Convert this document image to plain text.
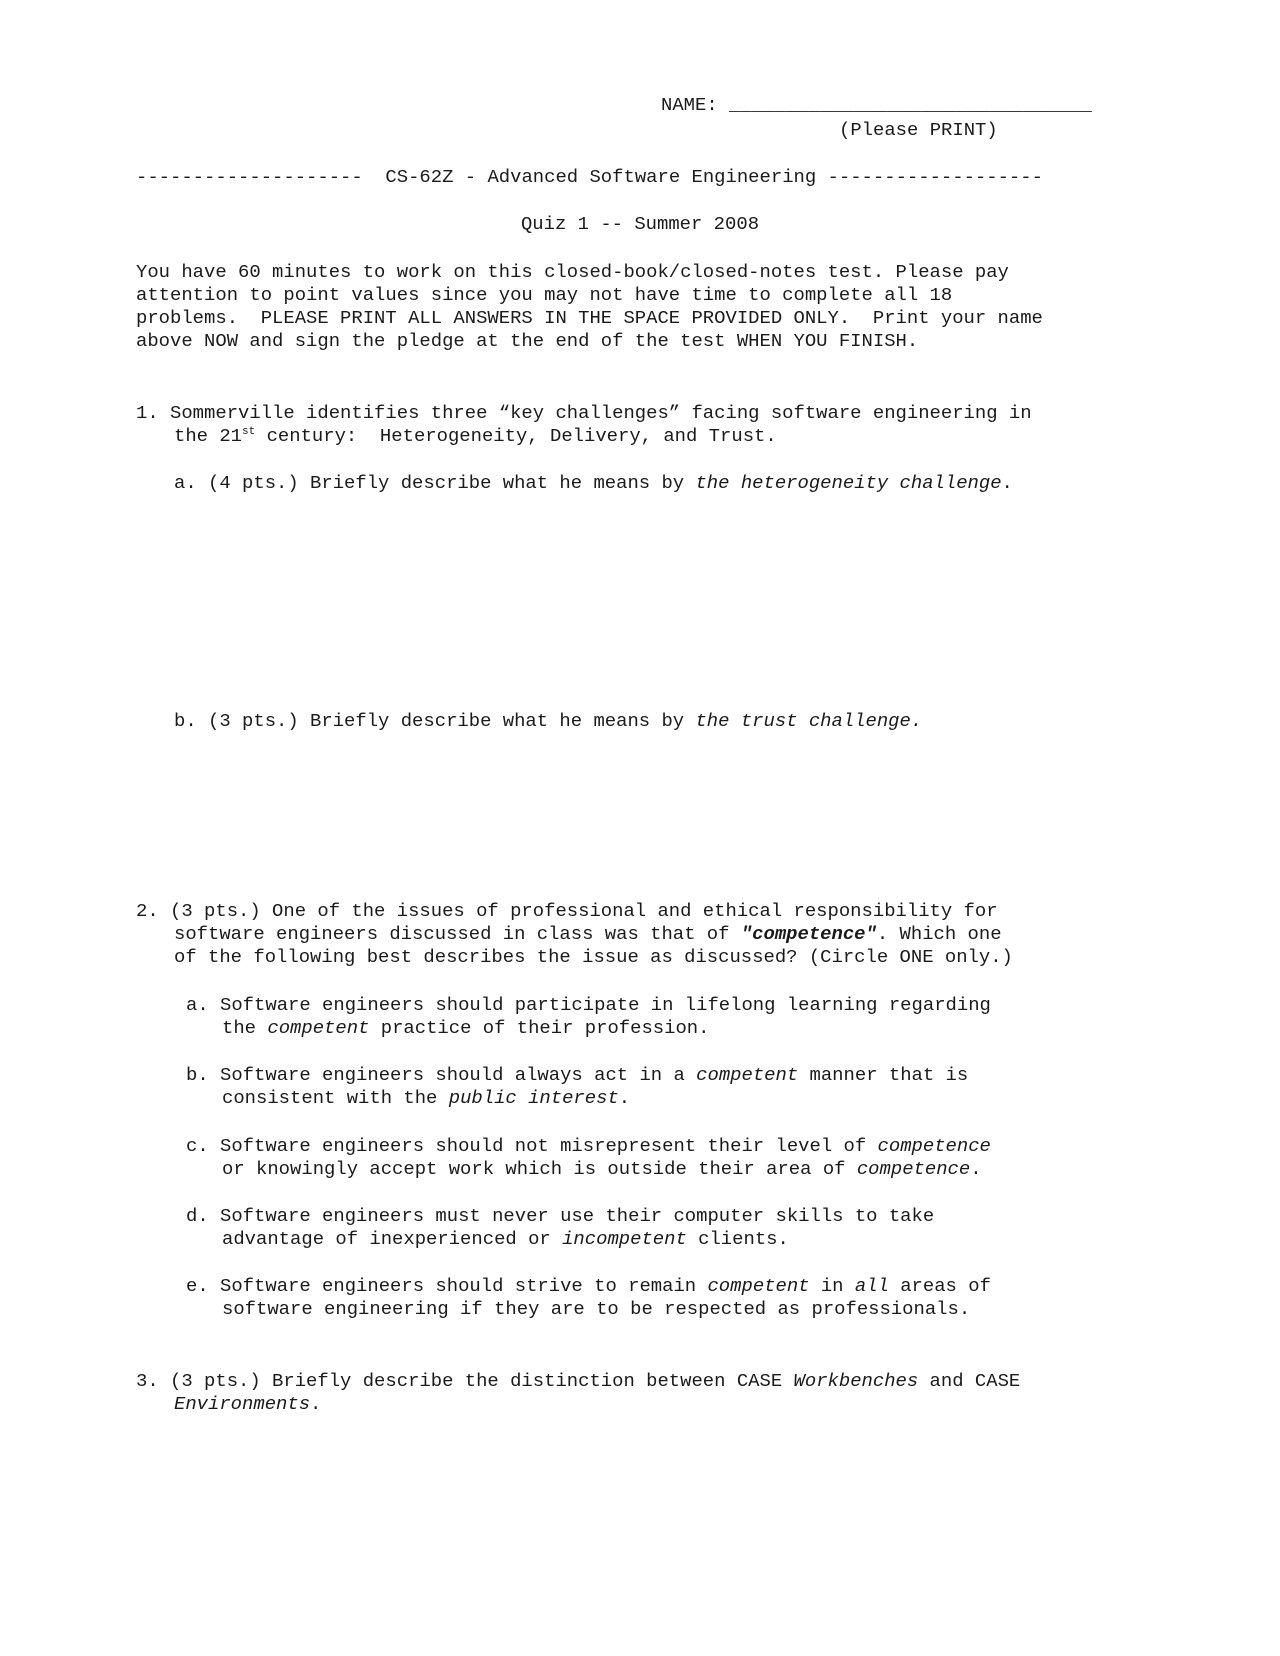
NAME: ________________________________
(Please PRINT)
-------------------- CS-62Z - Advanced Software Engineering -------------------
Quiz 1 -- Summer 2008
You have 60 minutes to work on this closed-book/closed-notes test. Please pay
attention to point values since you may not have time to complete all 18
problems.  PLEASE PRINT ALL ANSWERS IN THE SPACE PROVIDED ONLY.  Print your name
above NOW and sign the pledge at the end of the test WHEN YOU FINISH.
1. Sommerville identifies three “key challenges” facing software engineering in
the 21st century:  Heterogeneity, Delivery, and Trust.
a. (4 pts.) Briefly describe what he means by the heterogeneity challenge.
b. (3 pts.) Briefly describe what he means by the trust challenge.
2. (3 pts.) One of the issues of professional and ethical responsibility for
software engineers discussed in class was that of "competence". Which one
of the following best describes the issue as discussed? (Circle ONE only.)
a. Software engineers should participate in lifelong learning regarding
the competent practice of their profession.
b. Software engineers should always act in a competent manner that is
consistent with the public interest.
c. Software engineers should not misrepresent their level of competence
or knowingly accept work which is outside their area of competence.
d. Software engineers must never use their computer skills to take
advantage of inexperienced or incompetent clients.
e. Software engineers should strive to remain competent in all areas of
software engineering if they are to be respected as professionals.
3. (3 pts.) Briefly describe the distinction between CASE Workbenches and CASE
Environments.
